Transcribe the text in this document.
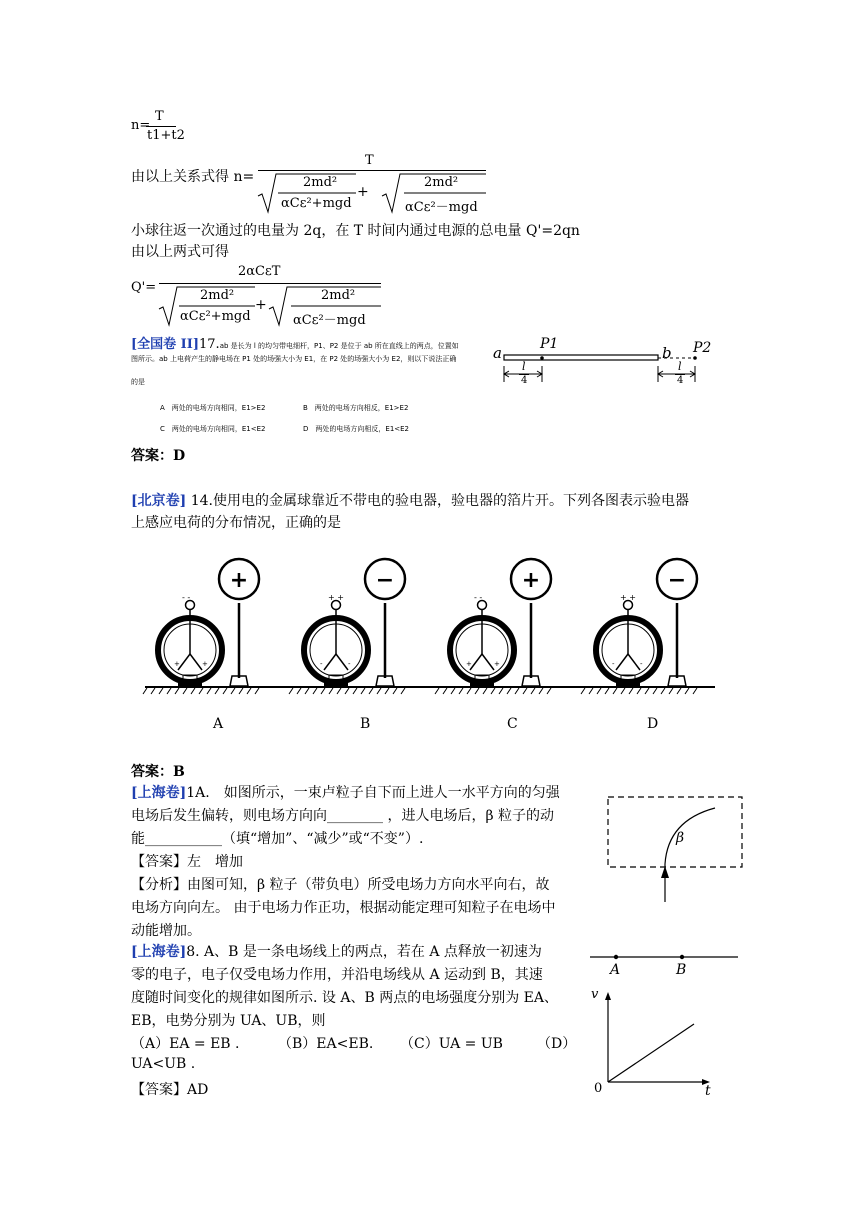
n=
T
t1+t2
由以上关系式得 n=
T
2md²
αCε²+mgd
+
2md²
αCε²－mgd
小球往返一次通过的电量为 2q，在 T 时间内通过电源的总电量 Q'=2qn
由以上两式可得
Q'=
2αCεT
2md²
αCε²+mgd
+
2md²
αCε²－mgd
[全国卷 II]17.ab 是长为 l 的均匀带电细杆，P1、P2 是位于 ab 所在直线上的两点，位置如
图所示。ab 上电荷产生的静电场在 P1 处的场强大小为 E1，在 P2 处的场强大小为 E2，则以下说法正确
的是
A　两处的电场方向相同，E1>E2	B　两处的电场方向相反，E1>E2
C　两处的电场方向相同，E1<E2	D　两处的电场方向相反，E1<E2
a	P1	b P2
l
4
l
4
答案：D
[北京卷] 14.使用电的金属球靠近不带电的验电器，验电器的箔片开。下列各图表示验电器
上感应电荷的分布情况，正确的是
- -
+	+
+
+ +
-	-
−
- -
+	+
+
+ +
-	-
−
A	B	C	D
答案：B
[上海卷]1A.　如图所示，一束卢粒子自下而上进人一水平方向的匀强
电场后发生偏转，则电场方向向________ ，进人电场后，β 粒子的动
能___________（填“增加”、“减少”或“不变”）.
【答案】左　增加
【分析】由图可知，β 粒子（带负电）所受电场力方向水平向右，故
电场方向向左。 由于电场力作正功，根据动能定理可知粒子在电场中
动能增加。
β
[上海卷]8. A、B 是一条电场线上的两点，若在 A 点释放一初速为
零的电子，电子仅受电场力作用，并沿电场线从 A 运动到 B，其速
度随时间变化的规律如图所示. 设 A、B 两点的电场强度分别为 EA、
EB，电势分别为 UA、UB，则
（A）EA = EB .	（B）EA<EB. （C）UA = UB （D）
UA<UB .
【答案】AD
A	B
v
t
0
